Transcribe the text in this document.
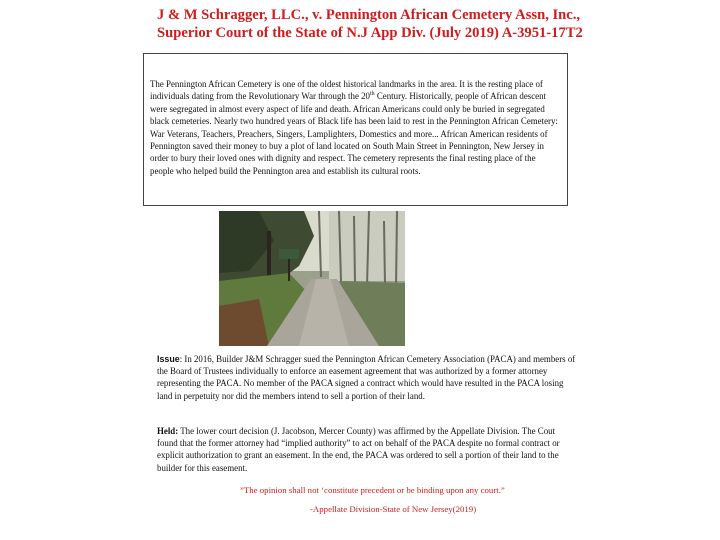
J & M Schragger, LLC., v. Pennington African Cemetery Assn, Inc.,
Superior Court of the State of N.J App Div. (July 2019) A-3951-17T2
The Pennington African Cemetery is one of the oldest historical landmarks in the area. It is the resting place of individuals dating from the Revolutionary War through the 20th Century. Historically, people of African descent were segregated in almost every aspect of life and death. African Americans could only be buried in segregated black cemeteries. Nearly two hundred years of Black life has been laid to rest in the Pennington African Cemetery: War Veterans, Teachers, Preachers, Singers, Lamplighters, Domestics and more... African American residents of Pennington saved their money to buy a plot of land located on South Main Street in Pennington, New Jersey in order to bury their loved ones with dignity and respect. The cemetery represents the final resting place of the people who helped build the Pennington area and establish its cultural roots.
Issue: In 2016, Builder J&M Schragger sued the Pennington African Cemetery Association (PACA) and members of the Board of Trustees individually to enforce an easement agreement that was authorized by a former attorney representing the PACA. No member of the PACA signed a contract which would have resulted in the PACA losing land in perpetuity nor did the members intend to sell a portion of their land.
Held: The lower court decision (J. Jacobson, Mercer County) was affirmed by the Appellate Division. The Cout found that the former attorney had “implied authority” to act on behalf of the PACA despite no formal contract or explicit authorization to grant an easement. In the end, the PACA was ordered to sell a portion of their land to the builder for this easement.
”The opinion shall not ‘constitute precedent or be binding upon any court.”
-Appellate Division-State of New Jersey(2019)
